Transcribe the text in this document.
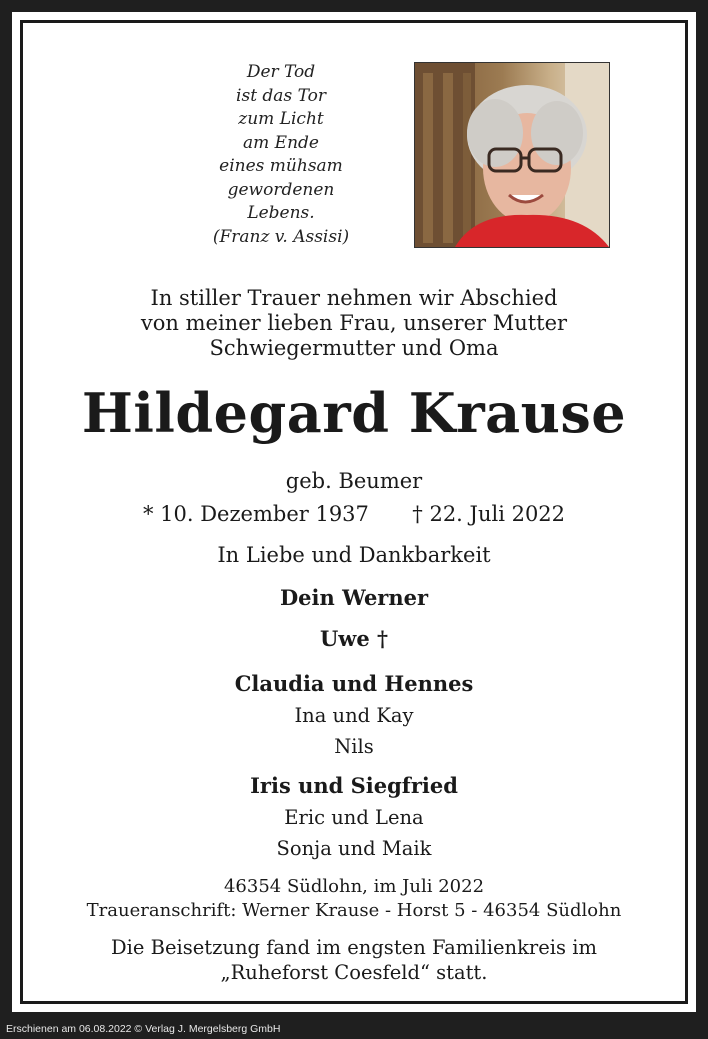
Der Tod
ist das Tor
zum Licht
am Ende
eines mühsam
gewordenen
Lebens.
(Franz v. Assisi)
In stiller Trauer nehmen wir Abschied
von meiner lieben Frau, unserer Mutter
Schwiegermutter und Oma
Hildegard Krause
geb. Beumer
* 10. Dezember 1937 † 22. Juli 2022
In Liebe und Dankbarkeit
Dein Werner
Uwe †
Claudia und Hennes
Ina und Kay
Nils
Iris und Siegfried
Eric und Lena
Sonja und Maik
46354 Südlohn, im Juli 2022
Traueranschrift: Werner Krause - Horst 5 - 46354 Südlohn
Die Beisetzung fand im engsten Familienkreis im
„Ruheforst Coesfeld“ statt.
Erschienen am 06.08.2022 © Verlag J. Mergelsberg GmbH
